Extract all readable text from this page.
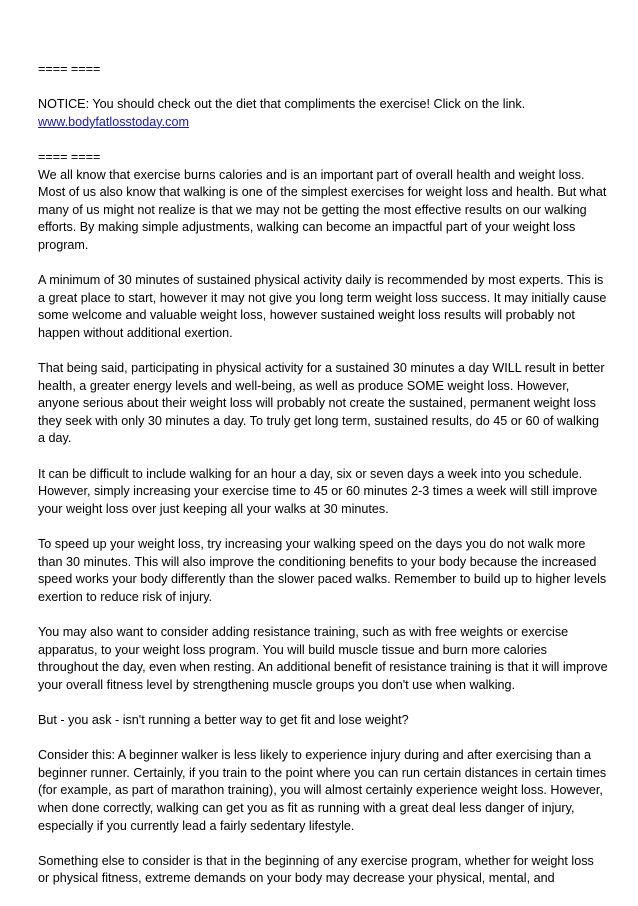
==== ====

NOTICE: You should check out the diet that compliments the exercise! Click on the link.

www.bodyfatlosstoday.com

==== ====

We all know that exercise burns calories and is an important part of overall health and weight loss. Most of us also know that walking is one of the simplest exercises for weight loss and health. But what many of us might not realize is that we may not be getting the most effective results on our walking efforts. By making simple adjustments, walking can become an impactful part of your weight loss program.

A minimum of 30 minutes of sustained physical activity daily is recommended by most experts. This is a great place to start, however it may not give you long term weight loss success. It may initially cause some welcome and valuable weight loss, however sustained weight loss results will probably not happen without additional exertion.

That being said, participating in physical activity for a sustained 30 minutes a day WILL result in better health, a greater energy levels and well-being, as well as produce SOME weight loss. However, anyone serious about their weight loss will probably not create the sustained, permanent weight loss they seek with only 30 minutes a day. To truly get long term, sustained results, do 45 or 60 of walking a day.

It can be difficult to include walking for an hour a day, six or seven days a week into you schedule. However, simply increasing your exercise time to 45 or 60 minutes 2-3 times a week will still improve your weight loss over just keeping all your walks at 30 minutes.

To speed up your weight loss, try increasing your walking speed on the days you do not walk more than 30 minutes. This will also improve the conditioning benefits to your body because the increased speed works your body differently than the slower paced walks. Remember to build up to higher levels exertion to reduce risk of injury.

You may also want to consider adding resistance training, such as with free weights or exercise apparatus, to your weight loss program. You will build muscle tissue and burn more calories throughout the day, even when resting. An additional benefit of resistance training is that it will improve your overall fitness level by strengthening muscle groups you don't use when walking.

But - you ask - isn't running a better way to get fit and lose weight?

Consider this: A beginner walker is less likely to experience injury during and after exercising than a beginner runner. Certainly, if you train to the point where you can run certain distances in certain times (for example, as part of marathon training), you will almost certainly experience weight loss. However, when done correctly, walking can get you as fit as running with a great deal less danger of injury, especially if you currently lead a fairly sedentary lifestyle.

Something else to consider is that in the beginning of any exercise program, whether for weight loss or physical fitness, extreme demands on your body may decrease your physical, mental, and
